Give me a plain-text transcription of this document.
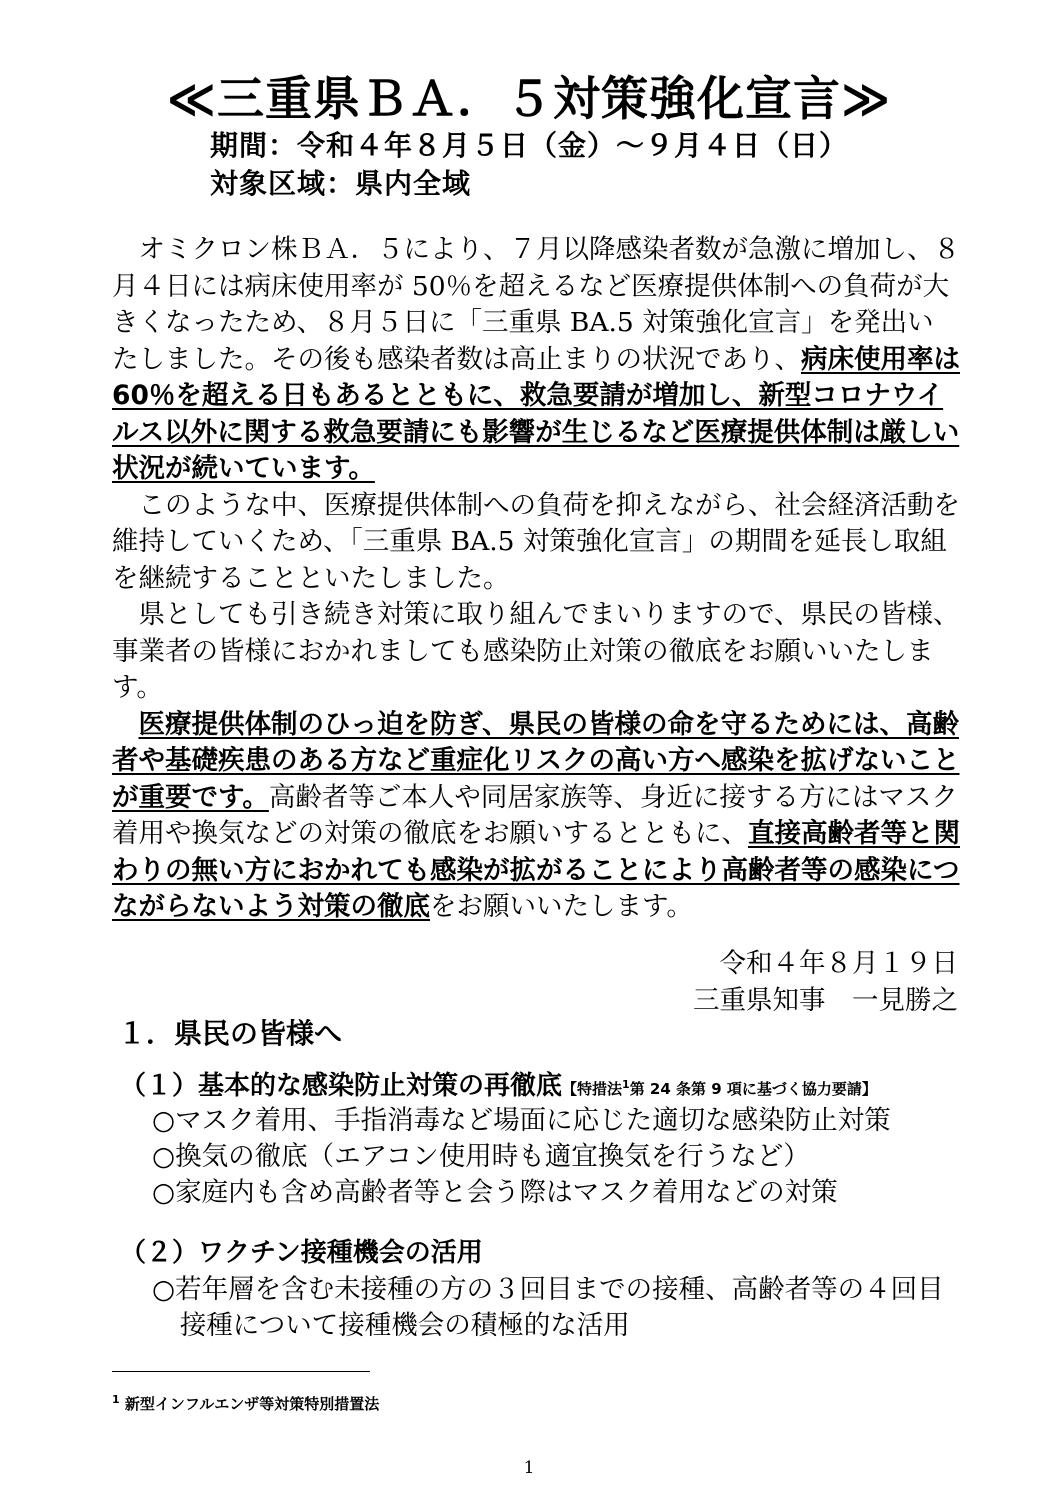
≪三重県ＢＡ．５対策強化宣言≫
期間：令和４年８月５日（金）～９月４日（日）
対象区域：県内全域

オミクロン株ＢＡ．５により、７月以降感染者数が急激に増加し、８月４日には病床使用率が 50％を超えるなど医療提供体制への負荷が大きくなったため、８月５日に「三重県 BA.5 対策強化宣言」を発出いたしました。その後も感染者数は高止まりの状況であり、病床使用率は 60％を超える日もあるとともに、救急要請が増加し、新型コロナウイルス以外に関する救急要請にも影響が生じるなど医療提供体制は厳しい状況が続いています。

このような中、医療提供体制への負荷を抑えながら、社会経済活動を維持していくため、「三重県 BA.5 対策強化宣言」の期間を延長し取組を継続することといたしました。

県としても引き続き対策に取り組んでまいりますので、県民の皆様、事業者の皆様におかれましても感染防止対策の徹底をお願いいたします。

医療提供体制のひっ迫を防ぎ、県民の皆様の命を守るためには、高齢者や基礎疾患のある方など重症化リスクの高い方へ感染を拡げないことが重要です。高齢者等ご本人や同居家族等、身近に接する方にはマスク着用や換気などの対策の徹底をお願いするとともに、直接高齢者等と関わりの無い方におかれても感染が拡がることにより高齢者等の感染につながらないよう対策の徹底をお願いいたします。

令和４年８月１９日
三重県知事　一見勝之
１．県民の皆様へ
（１）基本的な感染防止対策の再徹底【特措法$^1$第 24 条第 9 項に基づく協力要請】
○マスク着用、手指消毒など場面に応じた適切な感染防止対策
○換気の徹底（エアコン使用時も適宜換気を行うなど）
○家庭内も含め高齢者等と会う際はマスク着用などの対策
（２）ワクチン接種機会の活用
○若年層を含む未接種の方の３回目までの接種、高齢者等の４回目接種について接種機会の積極的な活用
$^1$ 新型インフルエンザ等対策特別措置法
1
